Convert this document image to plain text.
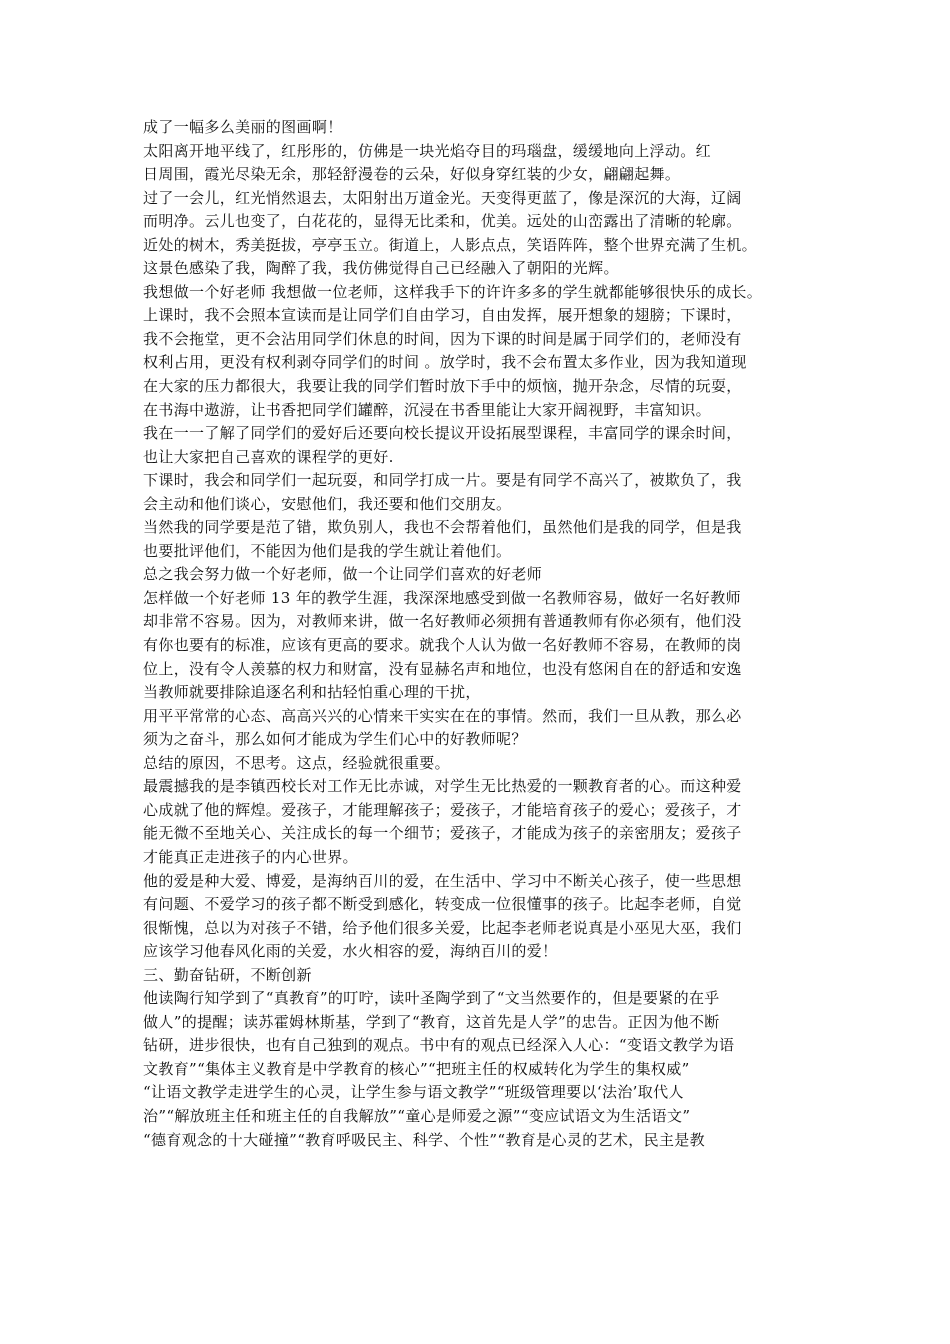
成了一幅多么美丽的图画啊！
太阳离开地平线了，红彤彤的，仿佛是一块光焰夺目的玛瑙盘，缓缓地向上浮动。红
日周围，霞光尽染无余，那轻舒漫卷的云朵，好似身穿红装的少女，翩翩起舞。
过了一会儿，红光悄然退去，太阳射出万道金光。天变得更蓝了，像是深沉的大海，辽阔
而明净。云儿也变了，白花花的，显得无比柔和，优美。远处的山峦露出了清晰的轮廓。
近处的树木，秀美挺拔，亭亭玉立。街道上，人影点点，笑语阵阵，整个世界充满了生机。
这景色感染了我，陶醉了我，我仿佛觉得自己已经融入了朝阳的光辉。
我想做一个好老师 我想做一位老师，这样我手下的许许多多的学生就都能够很快乐的成长。
上课时，我不会照本宣读而是让同学们自由学习，自由发挥，展开想象的翅膀；下课时，
我不会拖堂，更不会沾用同学们休息的时间，因为下课的时间是属于同学们的，老师没有
权利占用，更没有权利剥夺同学们的时间 。放学时，我不会布置太多作业，因为我知道现
在大家的压力都很大，我要让我的同学们暂时放下手中的烦恼，抛开杂念，尽情的玩耍，
在书海中遨游，让书香把同学们罐醉，沉浸在书香里能让大家开阔视野，丰富知识。
我在一一了解了同学们的爱好后还要向校长提议开设拓展型课程，丰富同学的课余时间，
也让大家把自己喜欢的课程学的更好.
下课时，我会和同学们一起玩耍，和同学打成一片。要是有同学不高兴了，被欺负了，我
会主动和他们谈心，安慰他们，我还要和他们交朋友。
当然我的同学要是范了错，欺负别人，我也不会帮着他们，虽然他们是我的同学，但是我
也要批评他们，不能因为他们是我的学生就让着他们。
总之我会努力做一个好老师，做一个让同学们喜欢的好老师
怎样做一个好老师 13 年的教学生涯，我深深地感受到做一名教师容易，做好一名好教师
却非常不容易。因为，对教师来讲，做一名好教师必须拥有普通教师有你必须有，他们没
有你也要有的标准，应该有更高的要求。就我个人认为做一名好教师不容易，在教师的岗
位上，没有令人羡慕的权力和财富，没有显赫名声和地位，也没有悠闲自在的舒适和安逸
当教师就要排除追逐名利和拈轻怕重心理的干扰，
用平平常常的心态、高高兴兴的心情来干实实在在的事情。然而，我们一旦从教，那么必
须为之奋斗，那么如何才能成为学生们心中的好教师呢？
总结的原因，不思考。这点，经验就很重要。
最震撼我的是李镇西校长对工作无比赤诚，对学生无比热爱的一颗教育者的心。而这种爱
心成就了他的辉煌。爱孩子，才能理解孩子；爱孩子，才能培育孩子的爱心；爱孩子，才
能无微不至地关心、关注成长的每一个细节；爱孩子，才能成为孩子的亲密朋友；爱孩子
才能真正走进孩子的内心世界。
他的爱是种大爱、博爱，是海纳百川的爱，在生活中、学习中不断关心孩子，使一些思想
有问题、不爱学习的孩子都不断受到感化，转变成一位很懂事的孩子。比起李老师，自觉
很惭愧，总以为对孩子不错，给予他们很多关爱，比起李老师老说真是小巫见大巫，我们
应该学习他春风化雨的关爱，水火相容的爱，海纳百川的爱！
三、勤奋钻研，不断创新
他读陶行知学到了“真教育”的叮咛，读叶圣陶学到了“文当然要作的，但是要紧的在乎
做人”的提醒；读苏霍姆林斯基，学到了“教育，这首先是人学”的忠告。正因为他不断
钻研，进步很快，也有自己独到的观点。书中有的观点已经深入人心：“变语文教学为语
文教育”“集体主义教育是中学教育的核心”“把班主任的权威转化为学生的集权威”
“让语文教学走进学生的心灵，让学生参与语文教学”“班级管理要以‘法治’取代人
治”“解放班主任和班主任的自我解放”“童心是师爱之源”“变应试语文为生活语文”
“德育观念的十大碰撞”“教育呼吸民主、科学、个性”“教育是心灵的艺术，民主是教
